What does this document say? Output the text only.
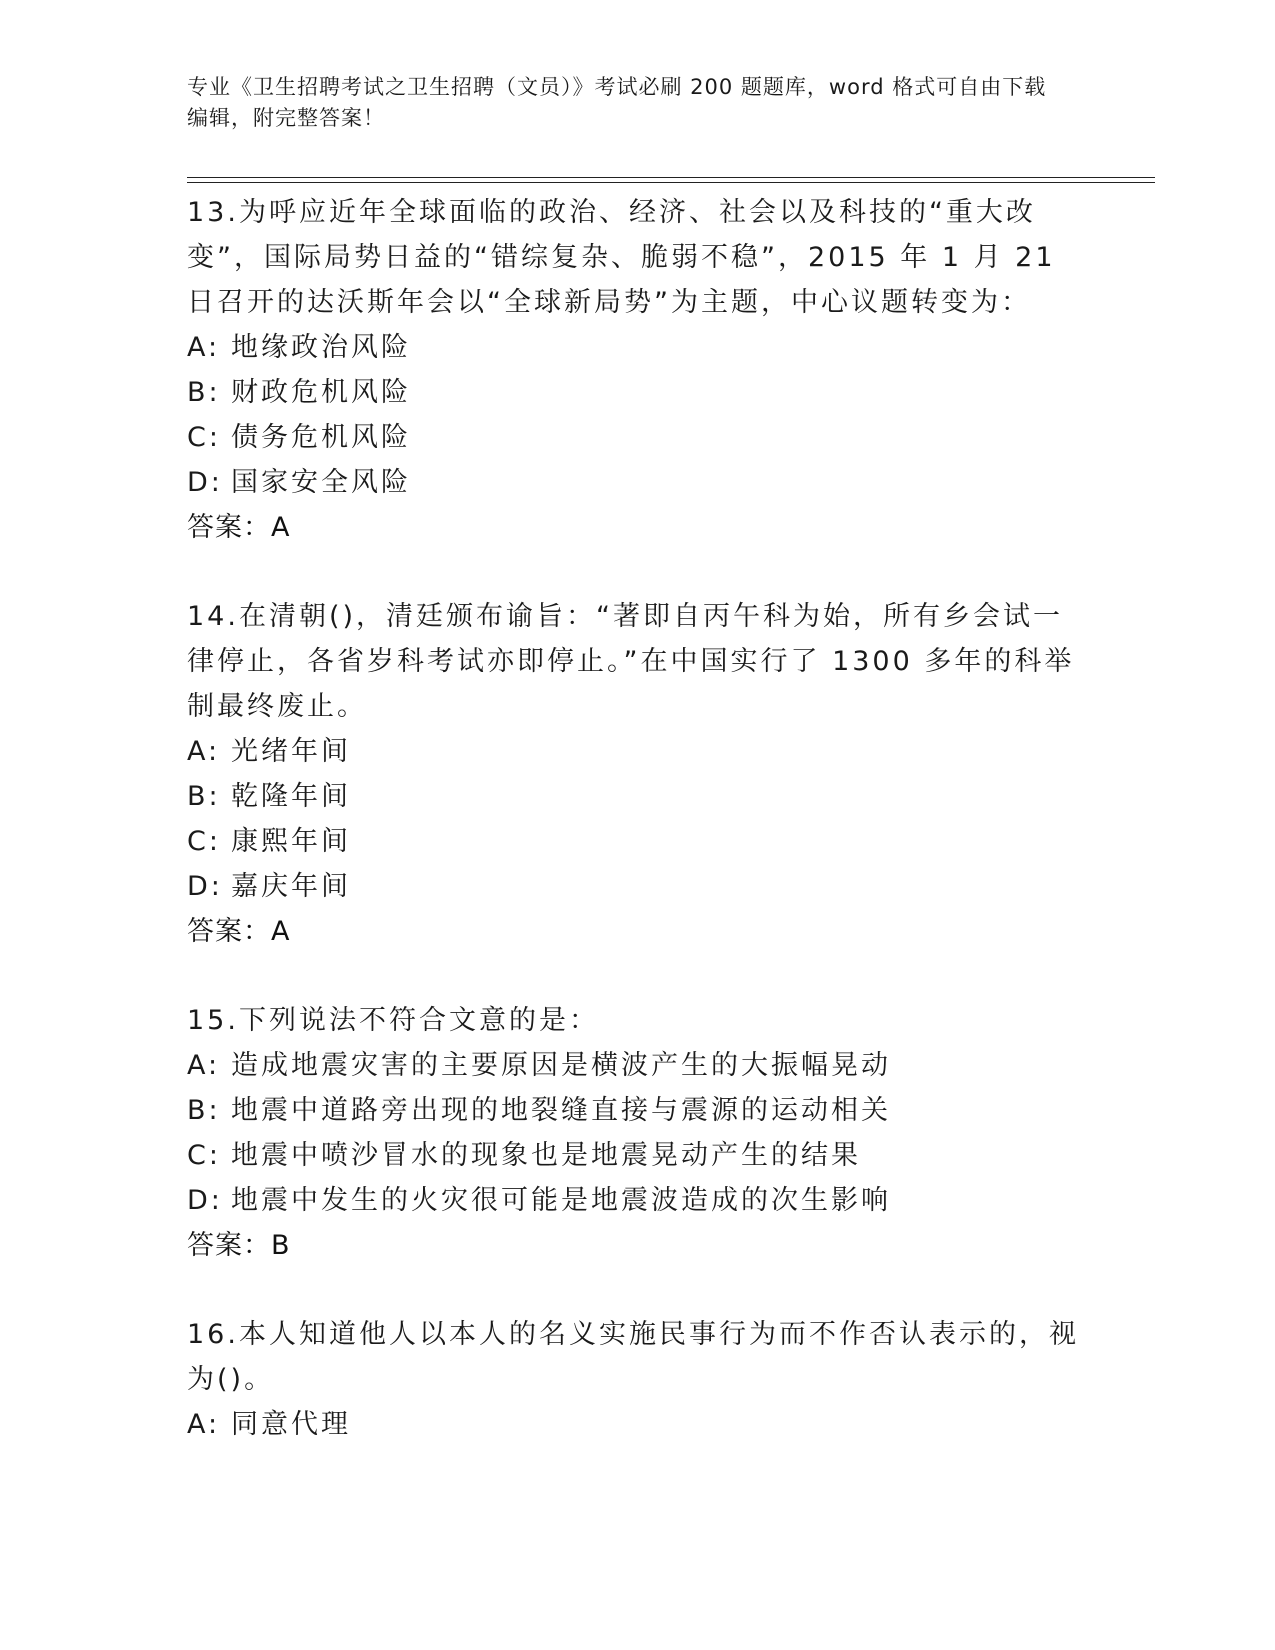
专业《卫生招聘考试之卫生招聘（文员）》考试必刷 200 题题库，word 格式可自由下载编辑，附完整答案！

13.为呼应近年全球面临的政治、经济、社会以及科技的“重大改变”，国际局势日益的“错综复杂、脆弱不稳”，2015 年 1 月 21 日召开的达沃斯年会以“全球新局势”为主题，中心议题转变为：

A: 地缘政治风险
B: 财政危机风险
C: 债务危机风险
D: 国家安全风险
答案：A

14.在清朝()，清廷颁布谕旨：“著即自丙午科为始，所有乡会试一律停止，各省岁科考试亦即停止。”在中国实行了 1300 多年的科举制最终废止。

A: 光绪年间
B: 乾隆年间
C: 康熙年间
D: 嘉庆年间
答案：A

15.下列说法不符合文意的是：

A: 造成地震灾害的主要原因是横波产生的大振幅晃动
B: 地震中道路旁出现的地裂缝直接与震源的运动相关
C: 地震中喷沙冒水的现象也是地震晃动产生的结果
D: 地震中发生的火灾很可能是地震波造成的次生影响
答案：B

16.本人知道他人以本人的名义实施民事行为而不作否认表示的，视为()。

A: 同意代理
